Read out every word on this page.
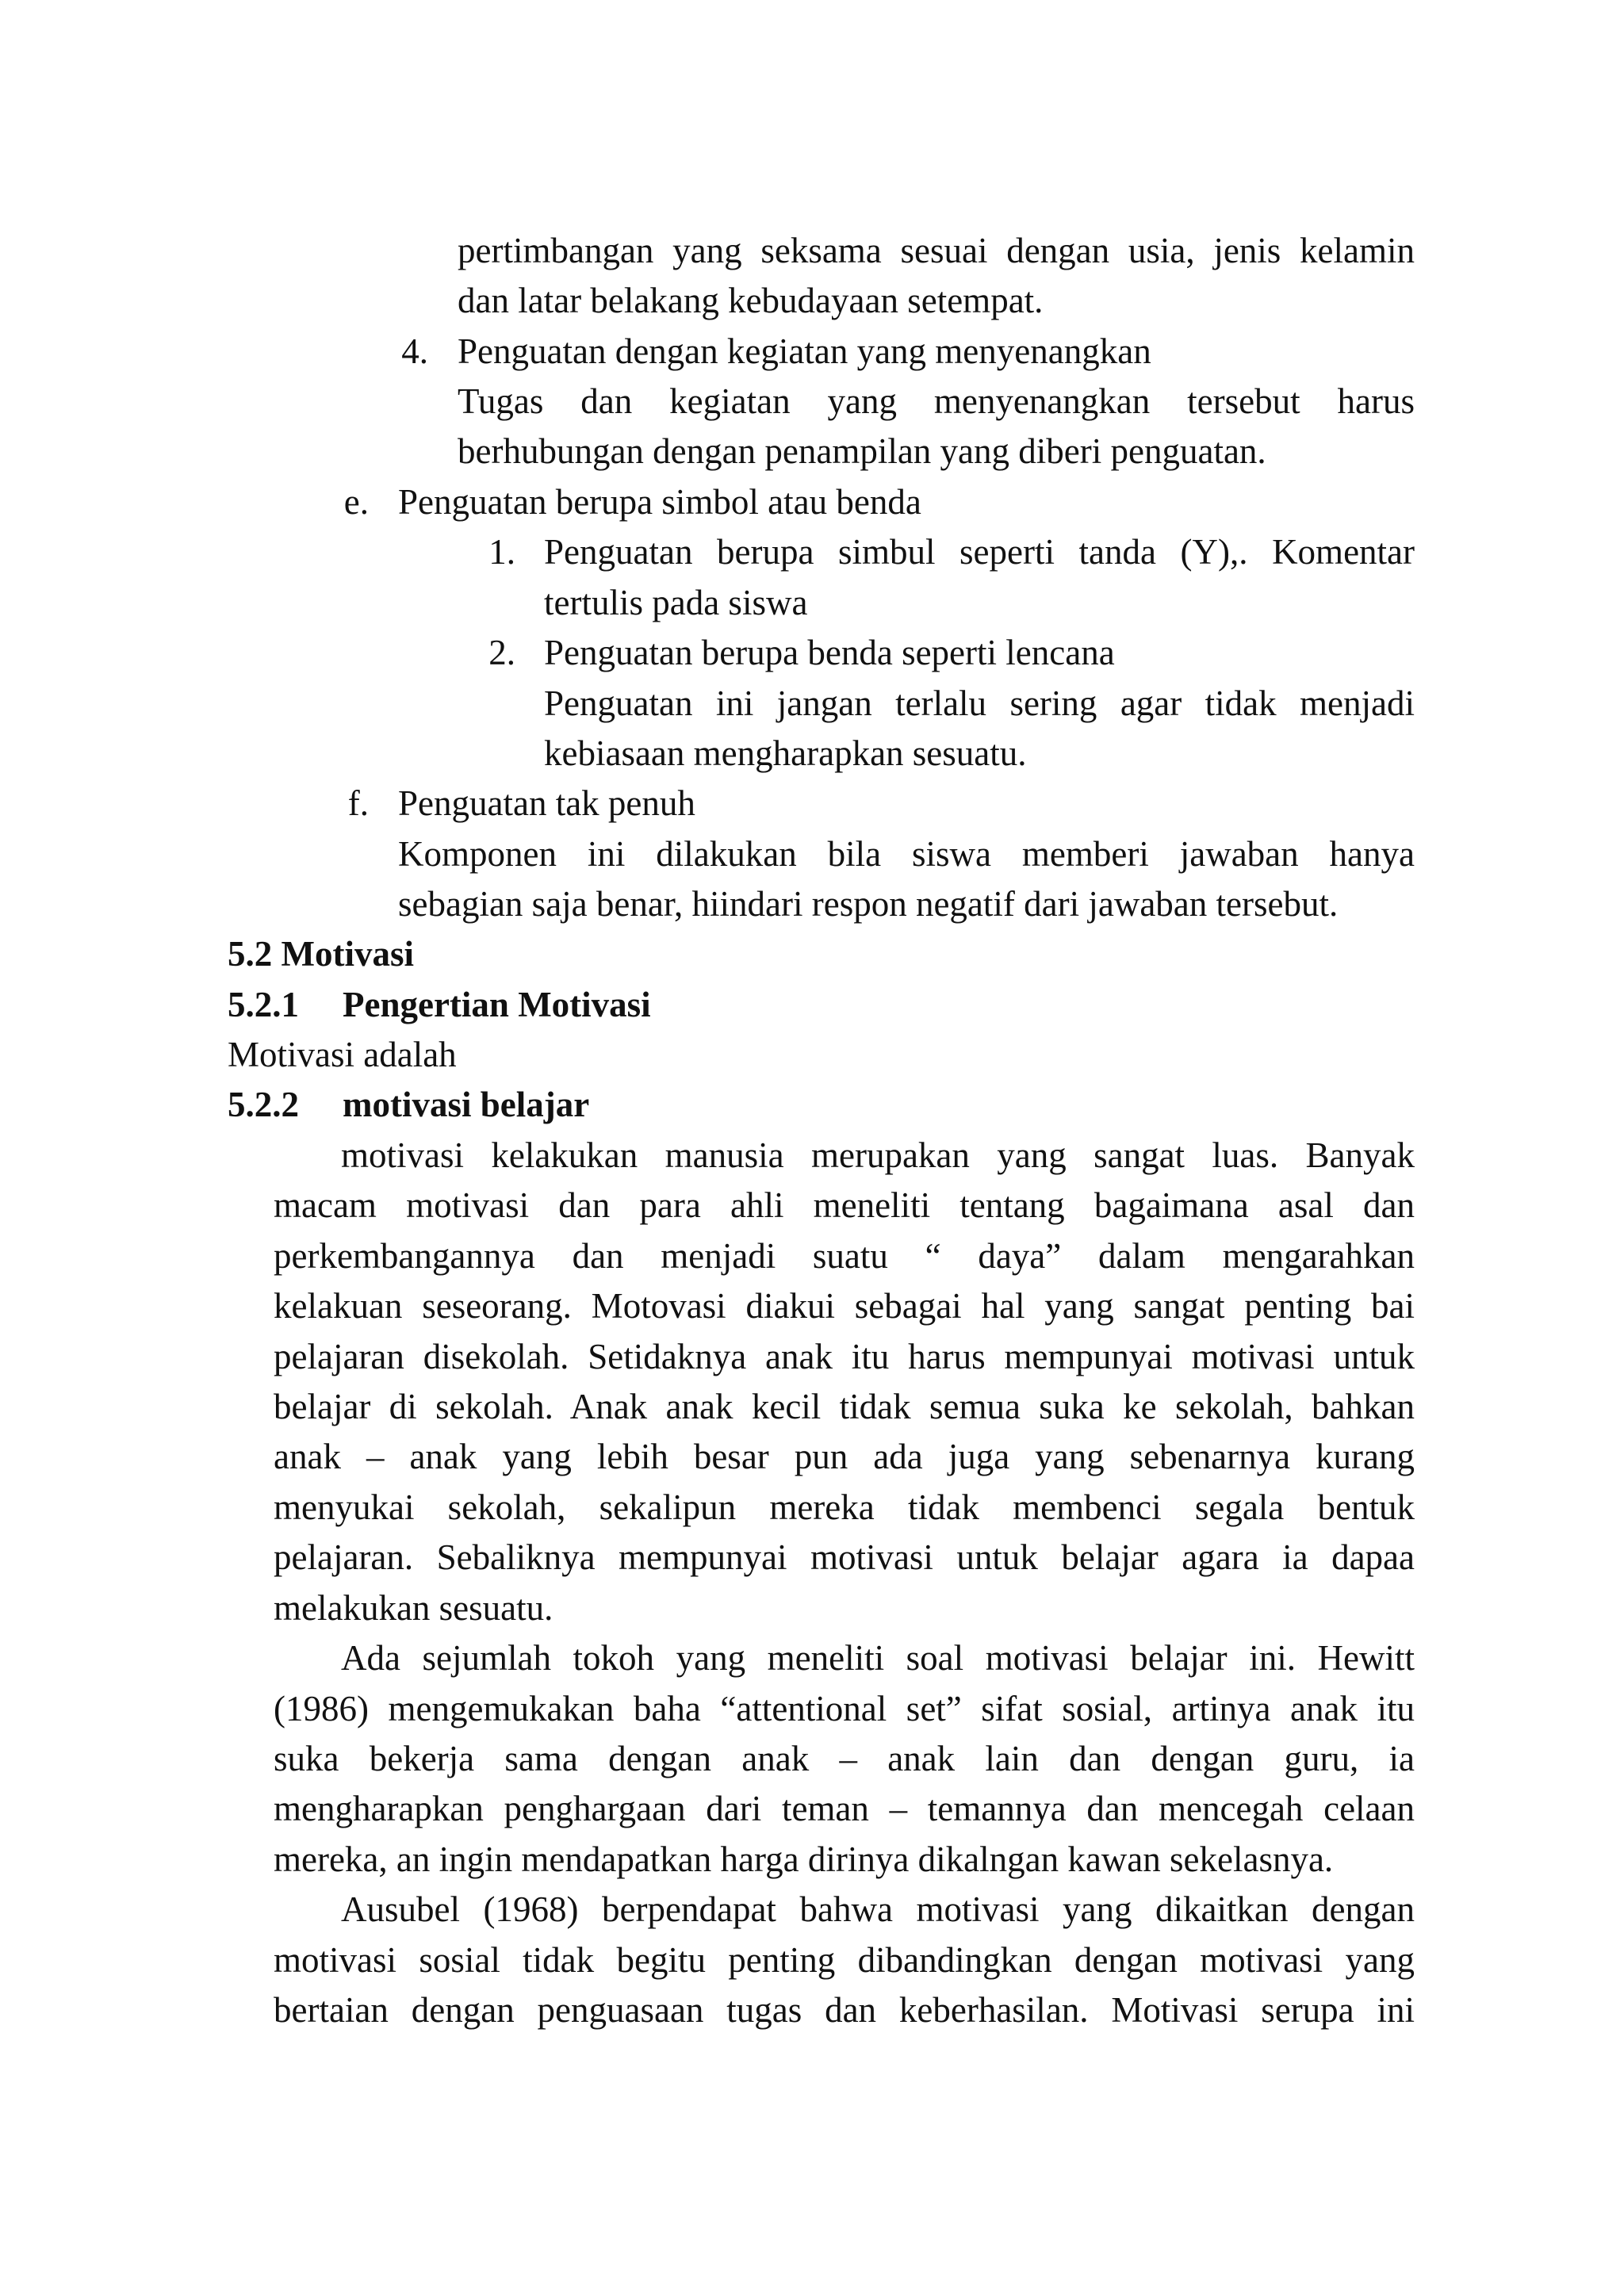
pertimbangan yang seksama sesuai dengan usia, jenis kelamin
dan latar belakang kebudayaan setempat.
4. Penguatan dengan kegiatan yang menyenangkan
Tugas dan kegiatan yang menyenangkan tersebut harus
berhubungan dengan penampilan yang diberi penguatan.
e. Penguatan berupa simbol atau benda
1. Penguatan berupa simbul seperti tanda (Y),. Komentar
tertulis pada siswa
2. Penguatan berupa benda seperti lencana
Penguatan ini jangan terlalu sering agar tidak menjadi
kebiasaan mengharapkan sesuatu.
f. Penguatan tak penuh
Komponen ini dilakukan bila siswa memberi jawaban hanya
sebagian saja benar, hiindari respon negatif dari jawaban tersebut.
5.2 Motivasi
5.2.1 Pengertian Motivasi
Motivasi adalah
5.2.2 motivasi belajar
motivasi kelakukan manusia merupakan yang sangat luas. Banyak
macam motivasi dan para ahli meneliti tentang bagaimana asal dan
perkembangannya dan menjadi suatu “ daya” dalam mengarahkan
kelakuan seseorang. Motovasi diakui sebagai hal yang sangat penting bai
pelajaran disekolah. Setidaknya anak itu harus mempunyai motivasi untuk
belajar di sekolah. Anak anak kecil tidak semua suka ke sekolah, bahkan
anak – anak yang lebih besar pun ada juga yang sebenarnya kurang
menyukai sekolah, sekalipun mereka tidak membenci segala bentuk
pelajaran. Sebaliknya mempunyai motivasi untuk belajar agara ia dapaa
melakukan sesuatu.
Ada sejumlah tokoh yang meneliti soal motivasi belajar ini. Hewitt
(1986) mengemukakan baha “attentional set” sifat sosial, artinya anak itu
suka bekerja sama dengan anak – anak lain dan dengan guru, ia
mengharapkan penghargaan dari teman – temannya dan mencegah celaan
mereka, an ingin mendapatkan harga dirinya dikalngan kawan sekelasnya.
Ausubel (1968) berpendapat bahwa motivasi yang dikaitkan dengan
motivasi sosial tidak begitu penting dibandingkan dengan motivasi yang
bertaian dengan penguasaan tugas dan keberhasilan. Motivasi serupa ini
